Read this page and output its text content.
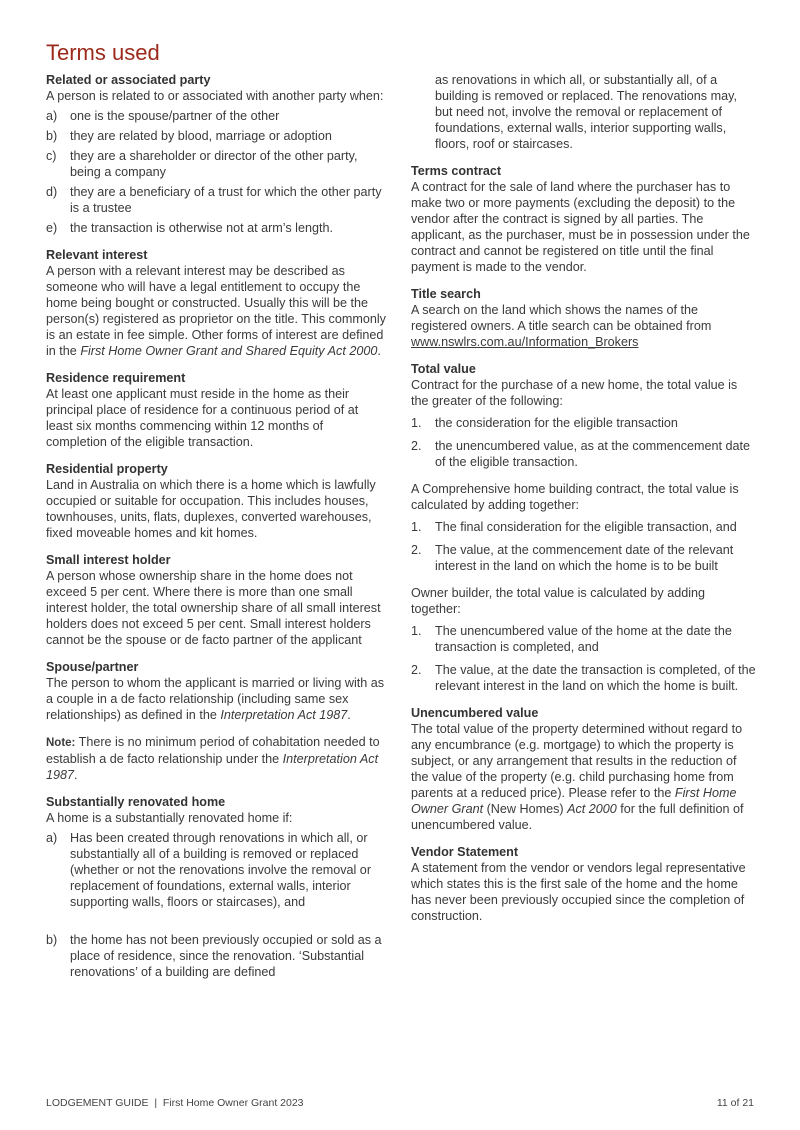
Terms used

Related or associated party

A person is related to or associated with another party when:

a) one is the spouse/partner of the other
b) they are related by blood, marriage or adoption
c) they are a shareholder or director of the other party, being a company
d) they are a beneficiary of a trust for which the other party is a trustee
e) the transaction is otherwise not at arm’s length.

Relevant interest

A person with a relevant interest may be described as someone who will have a legal entitlement to occupy the home being bought or constructed. Usually this will be the person(s) registered as proprietor on the title. This commonly is an estate in fee simple. Other forms of interest are defined in the First Home Owner Grant and Shared Equity Act 2000.

Residence requirement

At least one applicant must reside in the home as their principal place of residence for a continuous period of at least six months commencing within 12 months of completion of the eligible transaction.

Residential property

Land in Australia on which there is a home which is lawfully occupied or suitable for occupation. This includes houses, townhouses, units, flats, duplexes, converted warehouses, fixed moveable homes and kit homes.

Small interest holder

A person whose ownership share in the home does not exceed 5 per cent. Where there is more than one small interest holder, the total ownership share of all small interest holders does not exceed 5 per cent. Small interest holders cannot be the spouse or de facto partner of the applicant

Spouse/partner

The person to whom the applicant is married or living with as a couple in a de facto relationship (including same sex relationships) as defined in the Interpretation Act 1987.

Note: There is no minimum period of cohabitation needed to establish a de facto relationship under the Interpretation Act 1987.

Substantially renovated home

A home is a substantially renovated home if:

a) Has been created through renovations in which all, or substantially all of a building is removed or replaced (whether or not the renovations involve the removal or replacement of foundations, external walls, interior supporting walls, floors or staircases), and
b) the home has not been previously occupied or sold as a place of residence, since the renovation. ‘Substantial renovations’ of a building are defined

as renovations in which all, or substantially all, of a building is removed or replaced. The renovations may, but need not, involve the removal or replacement of foundations, external walls, interior supporting walls, floors, roof or staircases.

Terms contract

A contract for the sale of land where the purchaser has to make two or more payments (excluding the deposit) to the vendor after the contract is signed by all parties. The applicant, as the purchaser, must be in possession under the contract and cannot be registered on title until the final payment is made to the vendor.

Title search

A search on the land which shows the names of the registered owners. A title search can be obtained from www.nswlrs.com.au/Information_Brokers

Total value

Contract for the purchase of a new home, the total value is the greater of the following:

1. the consideration for the eligible transaction
2. the unencumbered value, as at the commencement date of the eligible transaction.

A Comprehensive home building contract, the total value is calculated by adding together:

1. The final consideration for the eligible transaction, and
2. The value, at the commencement date of the relevant interest in the land on which the home is to be built

Owner builder, the total value is calculated by adding together:

1. The unencumbered value of the home at the date the transaction is completed, and
2. The value, at the date the transaction is completed, of the relevant interest in the land on which the home is built.

Unencumbered value

The total value of the property determined without regard to any encumbrance (e.g. mortgage) to which the property is subject, or any arrangement that results in the reduction of the value of the property (e.g. child purchasing home from parents at a reduced price). Please refer to the First Home Owner Grant (New Homes) Act 2000 for the full definition of unencumbered value.

Vendor Statement

A statement from the vendor or vendors legal representative which states this is the first sale of the home and the home has never been previously occupied since the completion of construction.

LODGEMENT GUIDE  |  First Home Owner Grant 2023	11 of 21
